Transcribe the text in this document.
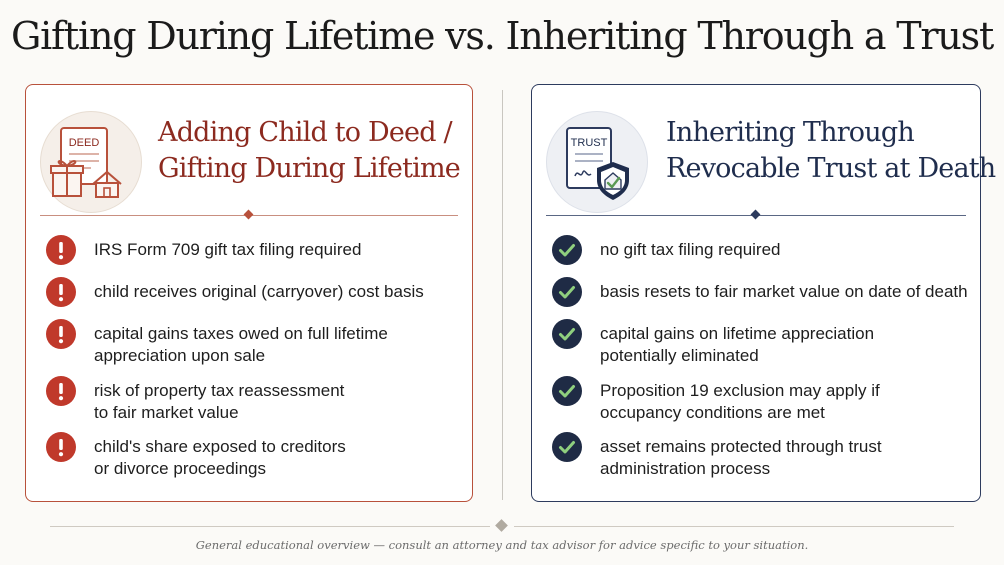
Gifting During Lifetime vs. Inheriting Through a Trust
DEED Adding Child to Deed /
Gifting During Lifetime
IRS Form 709 gift tax filing required
child receives original (carryover) cost basis
capital gains taxes owed on full lifetime
appreciation upon sale
risk of property tax reassessment
to fair market value
child's share exposed to creditors
or divorce proceedings
TRUST Inheriting Through
Revocable Trust at Death
no gift tax filing required
basis resets to fair market value on date of death
capital gains on lifetime appreciation
potentially eliminated
Proposition 19 exclusion may apply if
occupancy conditions are met
asset remains protected through trust
administration process
General educational overview — consult an attorney and tax advisor for advice specific to your situation.
